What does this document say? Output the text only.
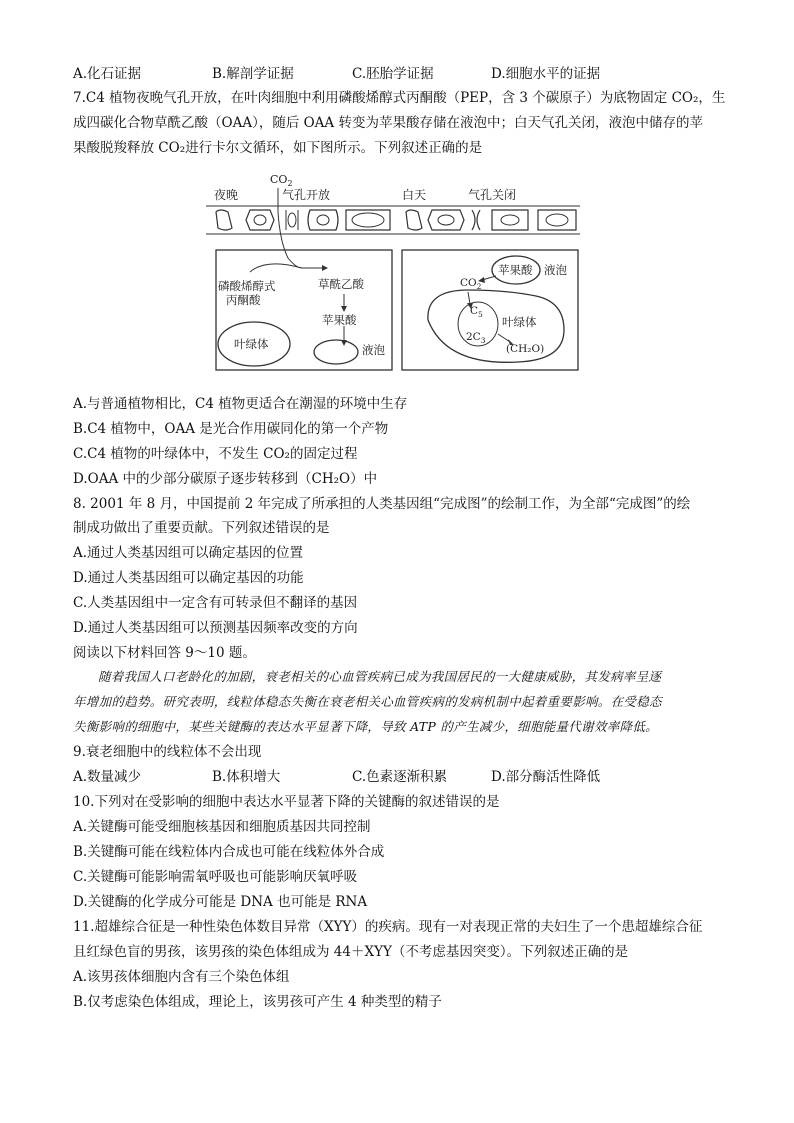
A.化石证据	B.解剖学证据	C.胚胎学证据	D.细胞水平的证据
7.C4 植物夜晚气孔开放，在叶肉细胞中利用磷酸烯醇式丙酮酸（PEP，含 3 个碳原子）为底物固定 CO₂，生
成四碳化合物草酰乙酸（OAA），随后 OAA 转变为苹果酸存储在液泡中；白天气孔关闭，液泡中储存的苹
果酸脱羧释放 CO₂进行卡尔文循环，如下图所示。下列叙述正确的是
夜晚	气孔开放	白天	气孔关闭
$CO_2$
磷酸烯醇式
丙酮酸
草酰乙酸
苹果酸
叶绿体	液泡
苹果酸 液泡
$CO_2$
$C_5$
$2C_3$
叶绿体
(CH₂O)
A.与普通植物相比，C4 植物更适合在潮湿的环境中生存
B.C4 植物中，OAA 是光合作用碳同化的第一个产物
C.C4 植物的叶绿体中，不发生 CO₂的固定过程
D.OAA 中的少部分碳原子逐步转移到（CH₂O）中
8. 2001 年 8 月，中国提前 2 年完成了所承担的人类基因组“完成图”的绘制工作，为全部“完成图”的绘
制成功做出了重要贡献。下列叙述错误的是
A.通过人类基因组可以确定基因的位置
D.通过人类基因组可以确定基因的功能
C.人类基因组中一定含有可转录但不翻译的基因
D.通过人类基因组可以预测基因频率改变的方向
阅读以下材料回答 9～10 题。
随着我国人口老龄化的加剧，衰老相关的心血管疾病已成为我国居民的一大健康威胁，其发病率呈逐
年增加的趋势。研究表明，线粒体稳态失衡在衰老相关心血管疾病的发病机制中起着重要影响。在受稳态
失衡影响的细胞中，某些关键酶的表达水平显著下降，导致 ATP 的产生减少，细胞能量代谢效率降低。
9.衰老细胞中的线粒体不会出现
A.数量减少	B.体积增大	C.色素逐渐积累	D.部分酶活性降低
10.下列对在受影响的细胞中表达水平显著下降的关键酶的叙述错误的是
A.关键酶可能受细胞核基因和细胞质基因共同控制
B.关键酶可能在线粒体内合成也可能在线粒体外合成
C.关键酶可能影响需氧呼吸也可能影响厌氧呼吸
D.关键酶的化学成分可能是 DNA 也可能是 RNA
11.超雄综合征是一种性染色体数目异常（XYY）的疾病。现有一对表现正常的夫妇生了一个患超雄综合征
且红绿色盲的男孩，该男孩的染色体组成为 44＋XYY（不考虑基因突变）。下列叙述正确的是
A.该男孩体细胞内含有三个染色体组
B.仅考虑染色体组成，理论上，该男孩可产生 4 种类型的精子
